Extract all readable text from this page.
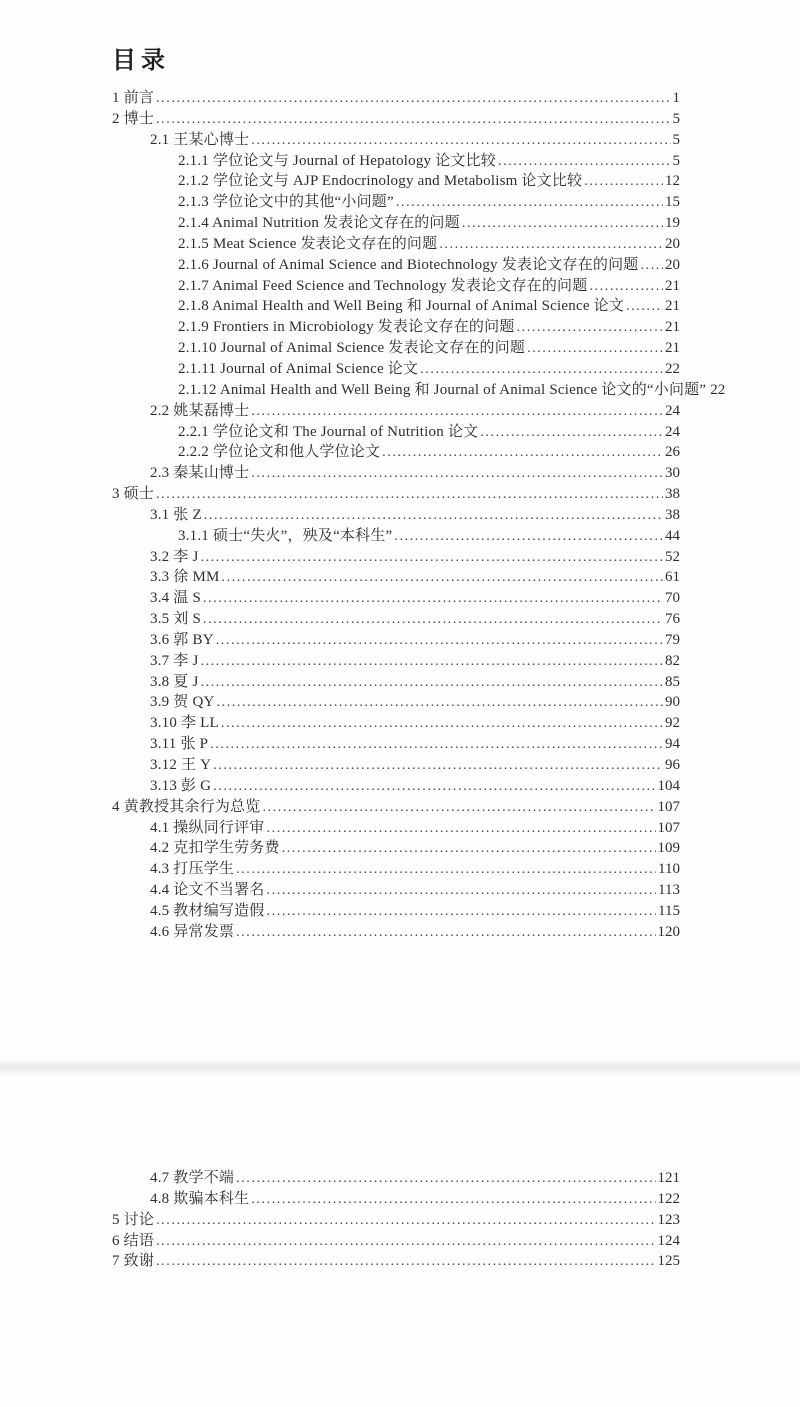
目录
1 前言 .....	1
2 博士 .....	5
2.1 王某心博士 .....	5
2.1.1 学位论文与 Journal of Hepatology 论文比较 .....	5
2.1.2 学位论文与 AJP Endocrinology and Metabolism 论文比较 .....	12
2.1.3 学位论文中的其他“小问题” .....	15
2.1.4 Animal Nutrition 发表论文存在的问题 .....	19
2.1.5 Meat Science 发表论文存在的问题 .....	20
2.1.6 Journal of Animal Science and Biotechnology 发表论文存在的问题 ..... 20
2.1.7 Animal Feed Science and Technology 发表论文存在的问题 .....	21
2.1.8 Animal Health and Well Being 和 Journal of Animal Science 论文 .....	21
2.1.9 Frontiers in Microbiology 发表论文存在的问题 .....	21
2.1.10 Journal of Animal Science 发表论文存在的问题 .....	21
2.1.11 Journal of Animal Science 论文 .....	22
2.1.12 Animal Health and Well Being 和 Journal of Animal Science 论文的“小问题” 22
2.2 姚某磊博士 .....	24
2.2.1 学位论文和 The Journal of Nutrition 论文 .....	24
2.2.2 学位论文和他人学位论文 .....	26
2.3 秦某山博士 .....	30
3 硕士 .....	38
3.1 张 Z .....	38
3.1.1 硕士“失火”，殃及“本科生” .....	44
3.2 李 J .....	52
3.3 徐 MM .....	61
3.4 温 S .....	70
3.5 刘 S .....	76
3.6 郭 BY .....	79
3.7 李 J .....	82
3.8 夏 J .....	85
3.9 贺 QY .....	90
3.10 李 LL .....	92
3.11 张 P .....	94
3.12 王 Y .....	96
3.13 彭 G .....	104
4 黄教授其余行为总览 .....	107
4.1 操纵同行评审 .....	107
4.2 克扣学生劳务费 .....	109
4.3 打压学生 .....	110
4.4 论文不当署名 .....	113
4.5 教材编写造假 .....	115
4.6 异常发票 .....	120
4.7 教学不端 .....	121
4.8 欺骗本科生 .....	122
5 讨论 .....	123
6 结语 .....	124
7 致谢 .....	125
